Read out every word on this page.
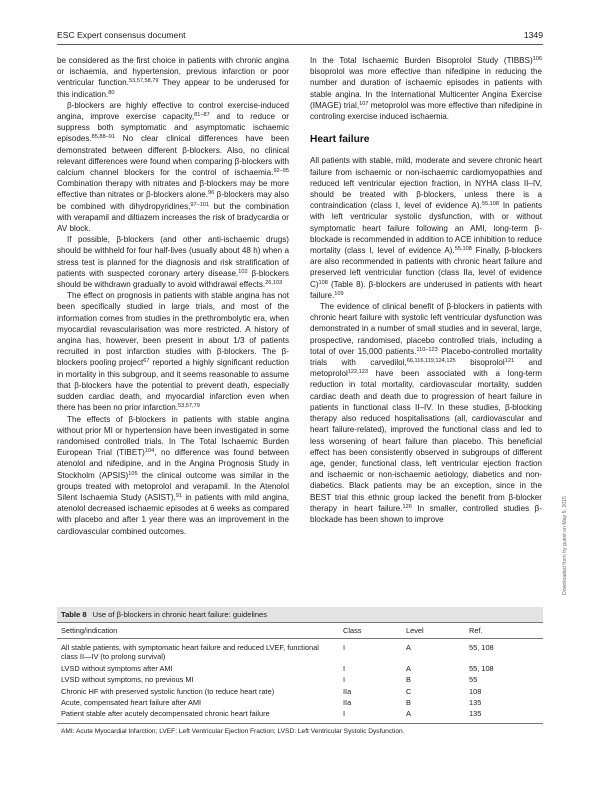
ESC Expert consensus document	1349

be considered as the first choice in patients with chronic angina or ischaemia, and hypertension, previous infarction or poor ventricular function.$^{53,57,58,79}$ They appear to be underused for this indication.$^{80}$

β-blockers are highly effective to control exercise-induced angina, improve exercise capacity,$^{81-87}$ and to reduce or suppress both symptomatic and asymptomatic ischaemic episodes.$^{85,88-91}$ No clear clinical differences have been demonstrated between different β-blockers. Also, no clinical relevant differences were found when comparing β-blockers with calcium channel blockers for the control of ischaemia.$^{92-95}$ Combination therapy with nitrates and β-blockers may be more effective than nitrates or β-blockers alone.$^{96}$ β-blockers may also be combined with dihydropyridines,$^{97-101}$ but the combination with verapamil and diltiazem increases the risk of bradycardia or AV block.

If possible, β-blockers (and other anti-ischaemic drugs) should be withheld for four half-lives (usually about 48 h) when a stress test is planned for the diagnosis and risk stratification of patients with suspected coronary artery disease.$^{102}$ β-blockers should be withdrawn gradually to avoid withdrawal effects.$^{26,103}$

The effect on prognosis in patients with stable angina has not been specifically studied in large trials, and most of the information comes from studies in the prethrombolytic era, when myocardial revascularisation was more restricted. A history of angina has, however, been present in about 1/3 of patients recruited in post infarction studies with β-blockers. The β-blockers pooling project$^{67}$ reported a highly significant reduction in mortality in this subgroup, and it seems reasonable to assume that β-blockers have the potential to prevent death, especially sudden cardiac death, and myocardial infarction even when there has been no prior infarction.$^{53,57,79}$

The effects of β-blockers in patients with stable angina without prior MI or hypertension have been investigated in some randomised controlled trials. In The Total Ischaemic Burden European Trial (TIBET)$^{104}$, no difference was found between atenolol and nifedipine, and in the Angina Prognosis Study in Stockholm (APSIS)$^{105}$ the clinical outcome was similar in the groups treated with metoprolol and verapamil. In the Atenolol Silent Ischaemia Study (ASIST),$^{91}$ in patients with mild angina, atenolol decreased ischaemic episodes at 6 weeks as compared with placebo and after 1 year there was an improvement in the cardiovascular combined outcomes.

In the Total Ischaemic Burden Bisoprolol Study (TIBBS)$^{106}$ bisoprolol was more effective than nifedipine in reducing the number and duration of ischaemic episodes in patients with stable angina. In the International Multicenter Angina Exercise (IMAGE) trial,$^{107}$ metoprolol was more effective than nifedipine in controling exercise induced ischaemia.

Heart failure

All patients with stable, mild, moderate and severe chronic heart failure from ischaemic or non-ischaemic cardiomyopathies and reduced left ventricular ejection fraction, in NYHA class II–IV, should be treated with β-blockers, unless there is a contraindication (class I, level of evidence A).$^{55,108}$ In patients with left ventricular systolic dysfunction, with or without symptomatic heart failure following an AMI, long-term β-blockade is recommended in addition to ACE inhibition to reduce mortality (class I, level of evidence A).$^{55,108}$ Finally, β-blockers are also recommended in patients with chronic heart failure and preserved left ventricular function (class IIa, level of evidence C)$^{108}$ (Table 8). β-blockers are underused in patients with heart failure.$^{109}$

The evidence of clinical benefit of β-blockers in patients with chronic heart failure with systolic left ventricular dysfunction was demonstrated in a number of small studies and in several, large, prospective, randomised, placebo controlled trials, including a total of over 15,000 patients.$^{110-123}$ Placebo-controlled mortality trials with carvedilol,$^{66,116,119,124,125}$ bisoprolol$^{121}$ and metoprolol$^{122,123}$ have been associated with a long-term reduction in total mortality, cardiovascular mortality, sudden cardiac death and death due to progression of heart failure in patients in functional class II–IV. In these studies, β-blocking therapy also reduced hospitalisations (all, cardiovascular and heart failure-related), improved the functional class and led to less worsening of heart failure than placebo. This beneficial effect has been consistently observed in subgroups of different age, gender, functional class, left ventricular ejection fraction and ischaemic or non-ischaemic aetiology, diabetics and non-diabetics. Black patients may be an exception, since in the BEST trial this ethnic group lacked the benefit from β-blocker therapy in heart failure.$^{126}$ In smaller, controlled studies β-blockade has been shown to improve	Downloaded from by guest on May 5, 2015
Table 8 Use of β-blockers in chronic heart failure: guidelines
Setting/indication	Class	Level	Ref.
All stable patients, with symptomatic heart failure and reduced LVEF, functional class II—IV (to prolong survival)	I	A	55, 108
LVSD without symptoms after AMI	I	A	55, 108
LVSD without symptoms, no previous MI	I	B	55
Chronic HF with preserved systolic function (to reduce heart rate)	IIa	C	108
Acute, compensated heart failure after AMI	IIa	B	135
Patient stable after acutely decompensated chronic heart failure	I	A	135
AMI: Acute Myocardial Infarction; LVEF: Left Ventricular Ejection Fraction; LVSD: Left Ventricular Systolic Dysfunction.
